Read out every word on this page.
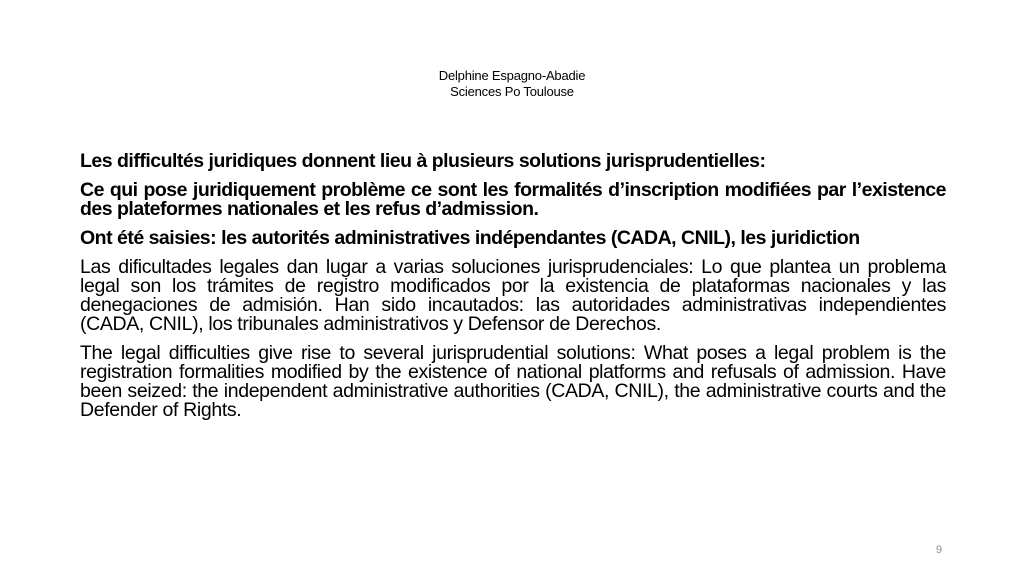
Delphine Espagno-Abadie
Sciences Po Toulouse

Les difficultés juridiques donnent lieu à plusieurs solutions jurisprudentielles:

Ce qui pose juridiquement problème ce sont les formalités d’inscription modifiées par l’existence des plateformes nationales et les refus d’admission.

Ont été saisies: les autorités administratives indépendantes (CADA, CNIL), les juridiction

Las dificultades legales dan lugar a varias soluciones jurisprudenciales: Lo que plantea un problema legal son los trámites de registro modificados por la existencia de plataformas nacionales y las denegaciones de admisión. Han sido incautados: las autoridades administrativas independientes (CADA, CNIL), los tribunales administrativos y Defensor de Derechos.

The legal difficulties give rise to several jurisprudential solutions: What poses a legal problem is the registration formalities modified by the existence of national platforms and refusals of admission. Have been seized: the independent administrative authorities (CADA, CNIL), the administrative courts and the Defender of Rights.

9
